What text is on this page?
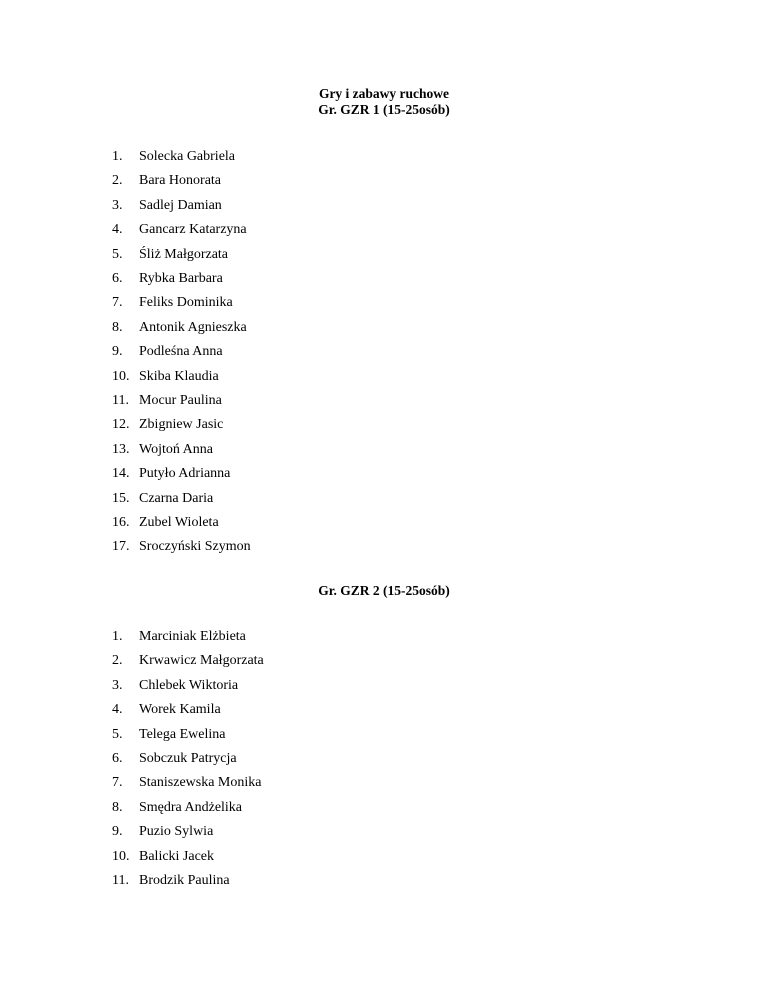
Gry i zabawy ruchowe
Gr. GZR 1 (15-25osób)
1. Solecka Gabriela
2. Bara Honorata
3. Sadlej Damian
4. Gancarz Katarzyna
5. Śliż Małgorzata
6. Rybka Barbara
7. Feliks Dominika
8. Antonik Agnieszka
9. Podleśna Anna
10. Skiba Klaudia
11. Mocur Paulina
12. Zbigniew Jasic
13. Wojtoń Anna
14. Putyło Adrianna
15. Czarna Daria
16. Zubel Wioleta
17. Sroczyński Szymon
Gr. GZR 2 (15-25osób)
1. Marciniak Elżbieta
2. Krwawicz Małgorzata
3. Chlebek Wiktoria
4. Worek Kamila
5. Telega Ewelina
6. Sobczuk Patrycja
7. Staniszewska Monika
8. Smędra Andżelika
9. Puzio Sylwia
10. Balicki Jacek
11. Brodzik Paulina
